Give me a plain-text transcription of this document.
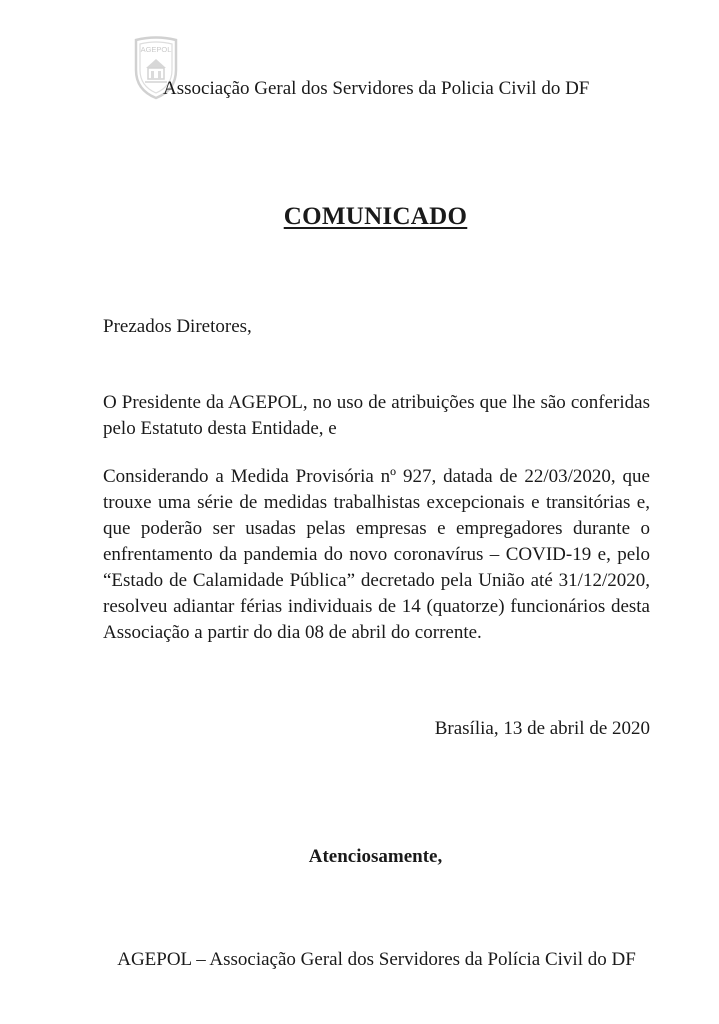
AGEPOL
Associação Geral dos Servidores da Policia Civil do DF
COMUNICADO
Prezados Diretores,
O Presidente da AGEPOL, no uso de atribuições que lhe são conferidas pelo Estatuto desta Entidade, e
Considerando a Medida Provisória nº 927, datada de 22/03/2020, que trouxe uma série de medidas trabalhistas excepcionais e transitórias e, que poderão ser usadas pelas empresas e empregadores durante o enfrentamento da pandemia do novo coronavírus – COVID-19 e, pelo “Estado de Calamidade Pública” decretado pela União até 31/12/2020, resolveu adiantar férias individuais de 14 (quatorze) funcionários desta Associação a partir do dia 08 de abril do corrente.
Brasília, 13 de abril de 2020
Atenciosamente,
AGEPOL – Associação Geral dos Servidores da Polícia Civil do DF
